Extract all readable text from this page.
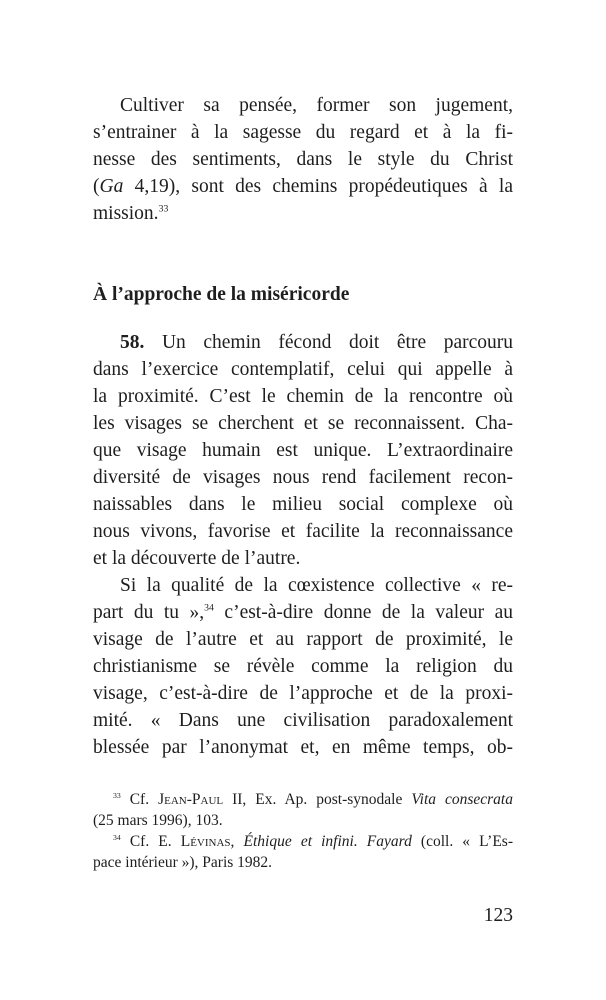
Cultiver sa pensée, former son jugement,
s’entrainer à la sagesse du regard et à la fi-
nesse des sentiments, dans le style du Christ
(Ga 4,19), sont des chemins propédeutiques à la
mission.$^{33}$
À l’approche de la miséricorde
58. Un chemin fécond doit être parcouru
dans l’exercice contemplatif, celui qui appelle à
la proximité. C’est le chemin de la rencontre où
les visages se cherchent et se reconnaissent. Cha-
que visage humain est unique. L’extraordinaire
diversité de visages nous rend facilement recon-
naissables dans le milieu social complexe où
nous vivons, favorise et facilite la reconnaissance
et la découverte de l’autre.
Si la qualité de la cœxistence collective « re-
part du tu »,$^{34}$ c’est-à-dire donne de la valeur au
visage de l’autre et au rapport de proximité, le
christianisme se révèle comme la religion du
visage, c’est-à-dire de l’approche et de la proxi-
mité. « Dans une civilisation paradoxalement
blessée par l’anonymat et, en même temps, ob-
$^{33}$ Cf. Jean-Paul II, Ex. Ap. post-synodale Vita consecrata
(25 mars 1996), 103.
$^{34}$ Cf. E. Lévinas, Éthique et infini. Fayard (coll. « L’Es-
pace intérieur »), Paris 1982.
123
